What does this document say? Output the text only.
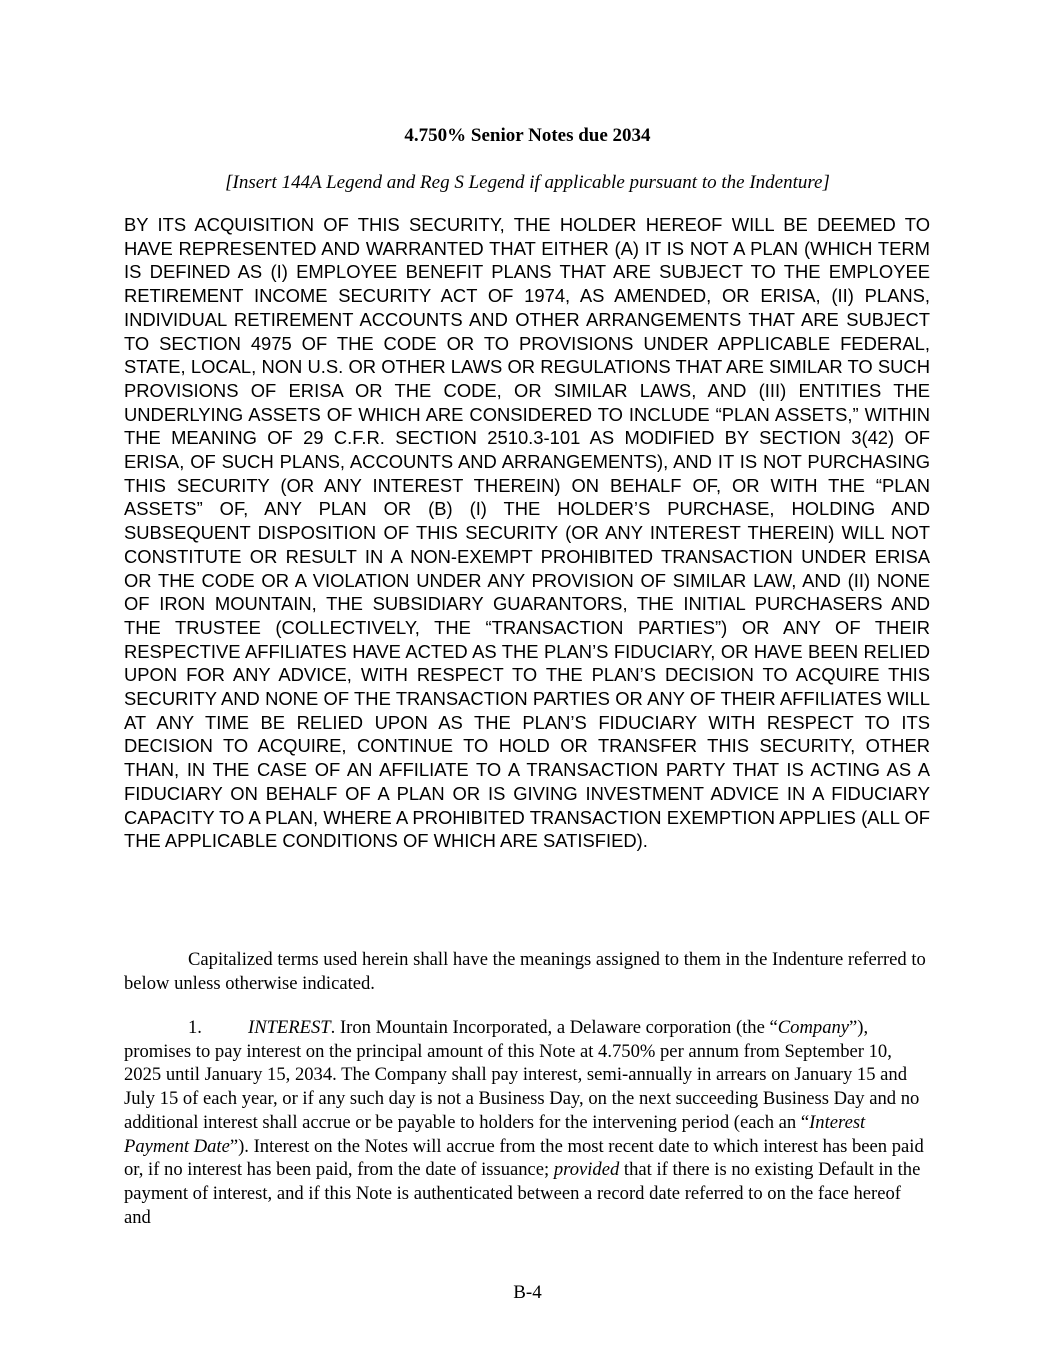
4.750% Senior Notes due 2034

[Insert 144A Legend and Reg S Legend if applicable pursuant to the Indenture]

BY ITS ACQUISITION OF THIS SECURITY, THE HOLDER HEREOF WILL BE DEEMED TO HAVE REPRESENTED AND WARRANTED THAT EITHER (A) IT IS NOT A PLAN (WHICH TERM IS DEFINED AS (I) EMPLOYEE BENEFIT PLANS THAT ARE SUBJECT TO THE EMPLOYEE RETIREMENT INCOME SECURITY ACT OF 1974, AS AMENDED, OR ERISA, (II) PLANS, INDIVIDUAL RETIREMENT ACCOUNTS AND OTHER ARRANGEMENTS THAT ARE SUBJECT TO SECTION 4975 OF THE CODE OR TO PROVISIONS UNDER APPLICABLE FEDERAL, STATE, LOCAL, NON U.S. OR OTHER LAWS OR REGULATIONS THAT ARE SIMILAR TO SUCH PROVISIONS OF ERISA OR THE CODE, OR SIMILAR LAWS, AND (III) ENTITIES THE UNDERLYING ASSETS OF WHICH ARE CONSIDERED TO INCLUDE “PLAN ASSETS,” WITHIN THE MEANING OF 29 C.F.R. SECTION 2510.3-101 AS MODIFIED BY SECTION 3(42) OF ERISA, OF SUCH PLANS, ACCOUNTS AND ARRANGEMENTS), AND IT IS NOT PURCHASING THIS SECURITY (OR ANY INTEREST THEREIN) ON BEHALF OF, OR WITH THE “PLAN ASSETS” OF, ANY PLAN OR (B) (I) THE HOLDER’S PURCHASE, HOLDING AND SUBSEQUENT DISPOSITION OF THIS SECURITY (OR ANY INTEREST THEREIN) WILL NOT CONSTITUTE OR RESULT IN A NON-EXEMPT PROHIBITED TRANSACTION UNDER ERISA OR THE CODE OR A VIOLATION UNDER ANY PROVISION OF SIMILAR LAW, AND (II) NONE OF IRON MOUNTAIN, THE SUBSIDIARY GUARANTORS, THE INITIAL PURCHASERS AND THE TRUSTEE (COLLECTIVELY, THE “TRANSACTION PARTIES”) OR ANY OF THEIR RESPECTIVE AFFILIATES HAVE ACTED AS THE PLAN’S FIDUCIARY, OR HAVE BEEN RELIED UPON FOR ANY ADVICE, WITH RESPECT TO THE PLAN’S DECISION TO ACQUIRE THIS SECURITY AND NONE OF THE TRANSACTION PARTIES OR ANY OF THEIR AFFILIATES WILL AT ANY TIME BE RELIED UPON AS THE PLAN’S FIDUCIARY WITH RESPECT TO ITS DECISION TO ACQUIRE, CONTINUE TO HOLD OR TRANSFER THIS SECURITY, OTHER THAN, IN THE CASE OF AN AFFILIATE TO A TRANSACTION PARTY THAT IS ACTING AS A FIDUCIARY ON BEHALF OF A PLAN OR IS GIVING INVESTMENT ADVICE IN A FIDUCIARY CAPACITY TO A PLAN, WHERE A PROHIBITED TRANSACTION EXEMPTION APPLIES (ALL OF THE APPLICABLE CONDITIONS OF WHICH ARE SATISFIED).

Capitalized terms used herein shall have the meanings assigned to them in the Indenture referred to below unless otherwise indicated.

1. INTEREST. Iron Mountain Incorporated, a Delaware corporation (the “Company”), promises to pay interest on the principal amount of this Note at 4.750% per annum from September 10, 2025 until January 15, 2034. The Company shall pay interest, semi-annually in arrears on January 15 and July 15 of each year, or if any such day is not a Business Day, on the next succeeding Business Day and no additional interest shall accrue or be payable to holders for the intervening period (each an “Interest Payment Date”). Interest on the Notes will accrue from the most recent date to which interest has been paid or, if no interest has been paid, from the date of issuance; provided that if there is no existing Default in the payment of interest, and if this Note is authenticated between a record date referred to on the face hereof and

B-4
